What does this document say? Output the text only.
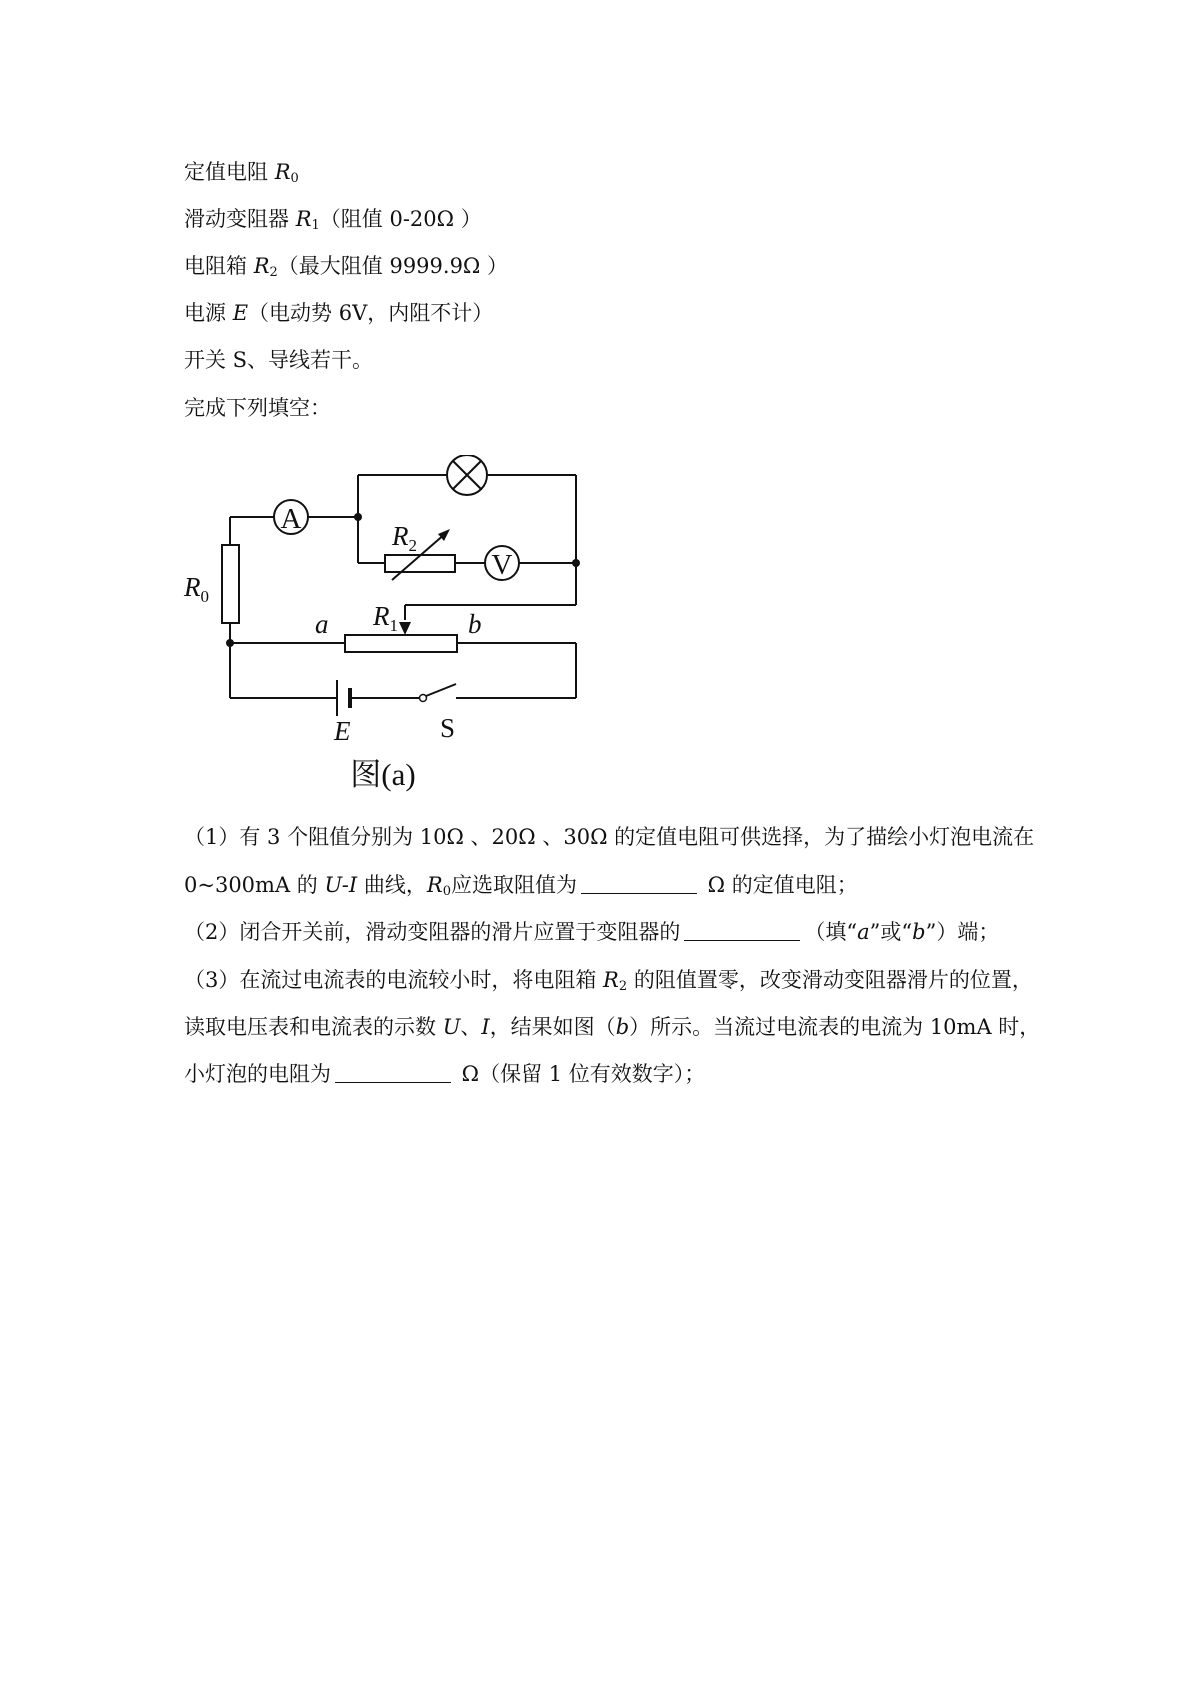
定值电阻 $R_0$
滑动变阻器 $R_1$（阻值 0-20Ω ）
电阻箱 $R_2$（最大阻值 9999.9Ω ）
电源 E（电动势 6V，内阻不计）
开关 S、导线若干。
完成下列填空：
A
V
$R_0$
$R_2$
$R_1$
a	b
E	S
图(a)
（1）有 3 个阻值分别为 10Ω 、20Ω 、30Ω 的定值电阻可供选择，为了描绘小灯泡电流在
0~300mA 的 U-I 曲线，$R_0$应选取阻值为	Ω 的定值电阻；
（2）闭合开关前，滑动变阻器的滑片应置于变阻器的	（填“a”或“b”）端；
（3）在流过电流表的电流较小时，将电阻箱 $R_2$ 的阻值置零，改变滑动变阻器滑片的位置，
读取电压表和电流表的示数 U、I，结果如图（b）所示。当流过电流表的电流为 10mA 时，
小灯泡的电阻为	Ω（保留 1 位有效数字）；
